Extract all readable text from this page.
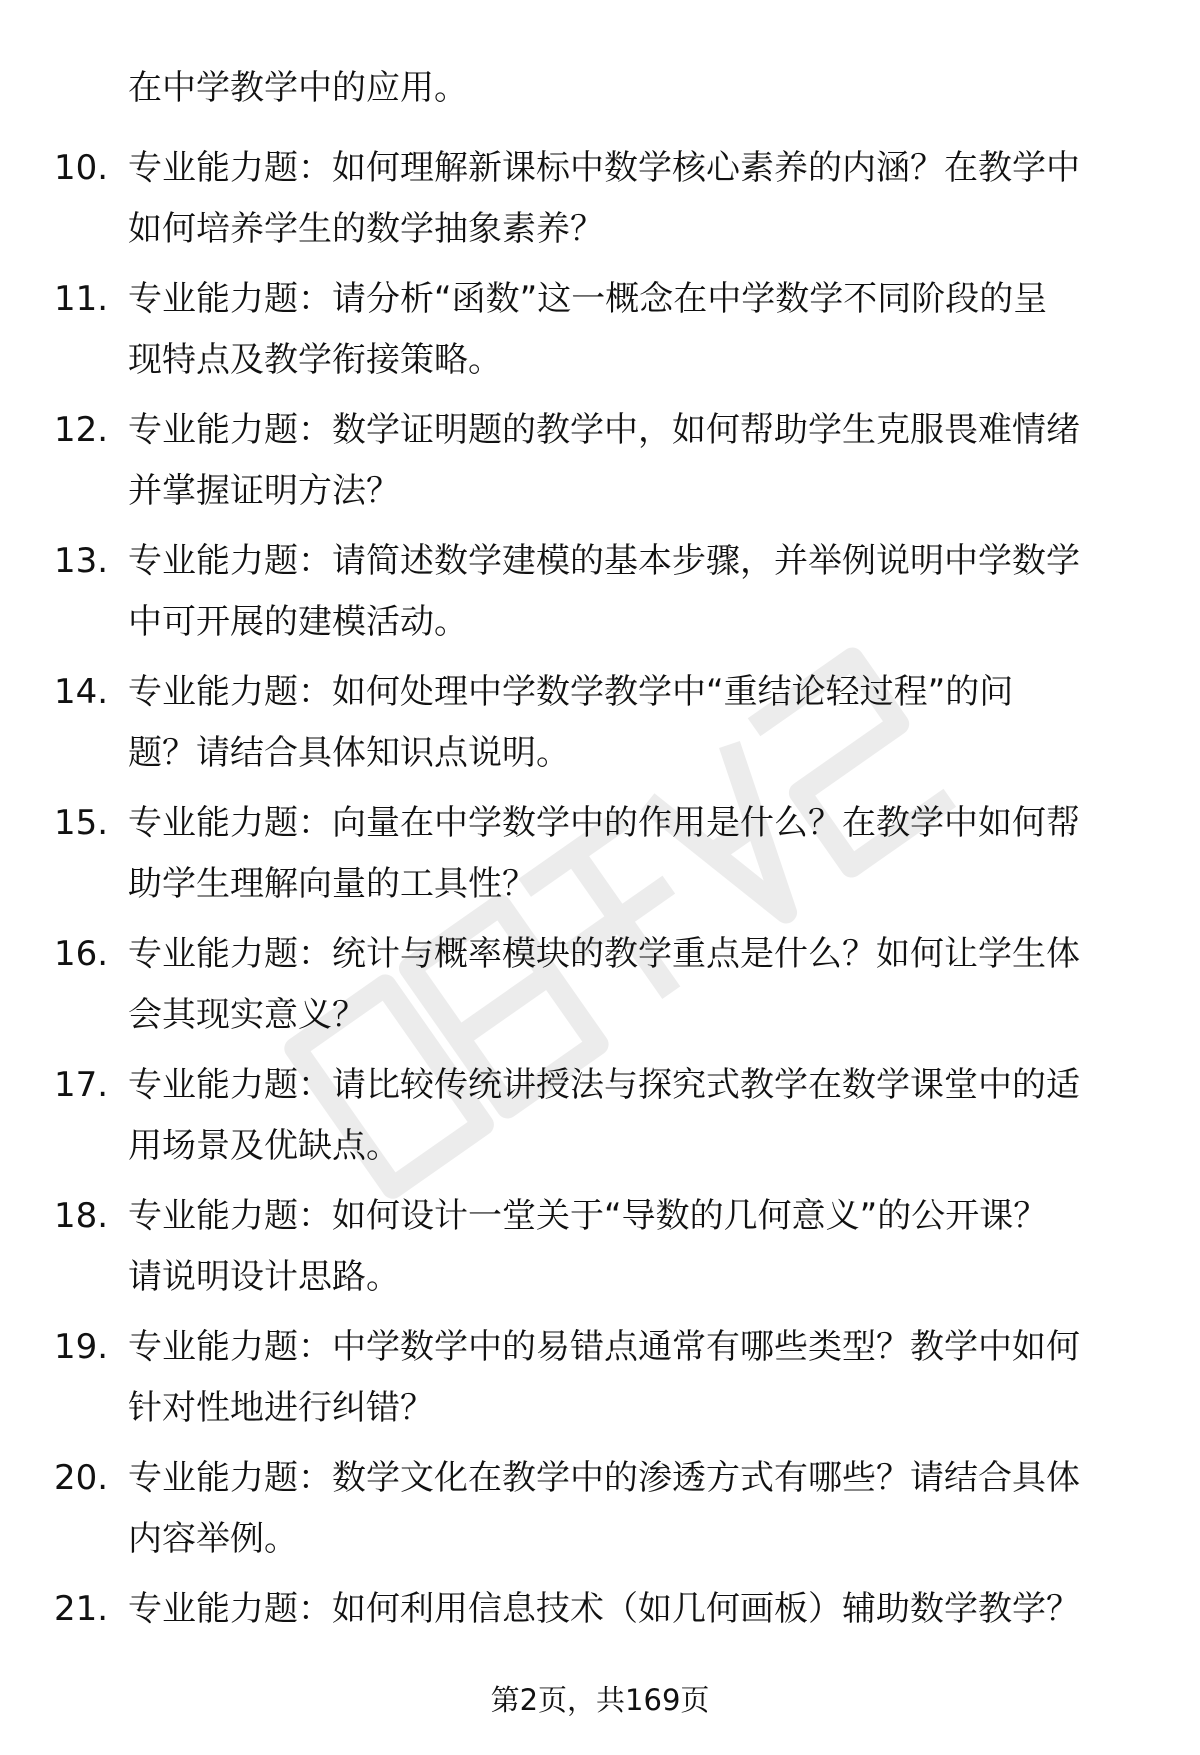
在中学教学中的应用。
10. 专业能力题：如何理解新课标中数学核心素养的内涵？在教学中
如何培养学生的数学抽象素养？
11. 专业能力题：请分析“函数”这一概念在中学数学不同阶段的呈
现特点及教学衔接策略。
12. 专业能力题：数学证明题的教学中，如何帮助学生克服畏难情绪
并掌握证明方法？
13. 专业能力题：请简述数学建模的基本步骤，并举例说明中学数学
中可开展的建模活动。
14. 专业能力题：如何处理中学数学教学中“重结论轻过程”的问
题？请结合具体知识点说明。
15. 专业能力题：向量在中学数学中的作用是什么？在教学中如何帮
助学生理解向量的工具性？
16. 专业能力题：统计与概率模块的教学重点是什么？如何让学生体
会其现实意义？
17. 专业能力题：请比较传统讲授法与探究式教学在数学课堂中的适
用场景及优缺点。
18. 专业能力题：如何设计一堂关于“导数的几何意义”的公开课？
请说明设计思路。
19. 专业能力题：中学数学中的易错点通常有哪些类型？教学中如何
针对性地进行纠错？
20. 专业能力题：数学文化在教学中的渗透方式有哪些？请结合具体
内容举例。
21. 专业能力题：如何利用信息技术（如几何画板）辅助数学教学？
第2页，共169页
